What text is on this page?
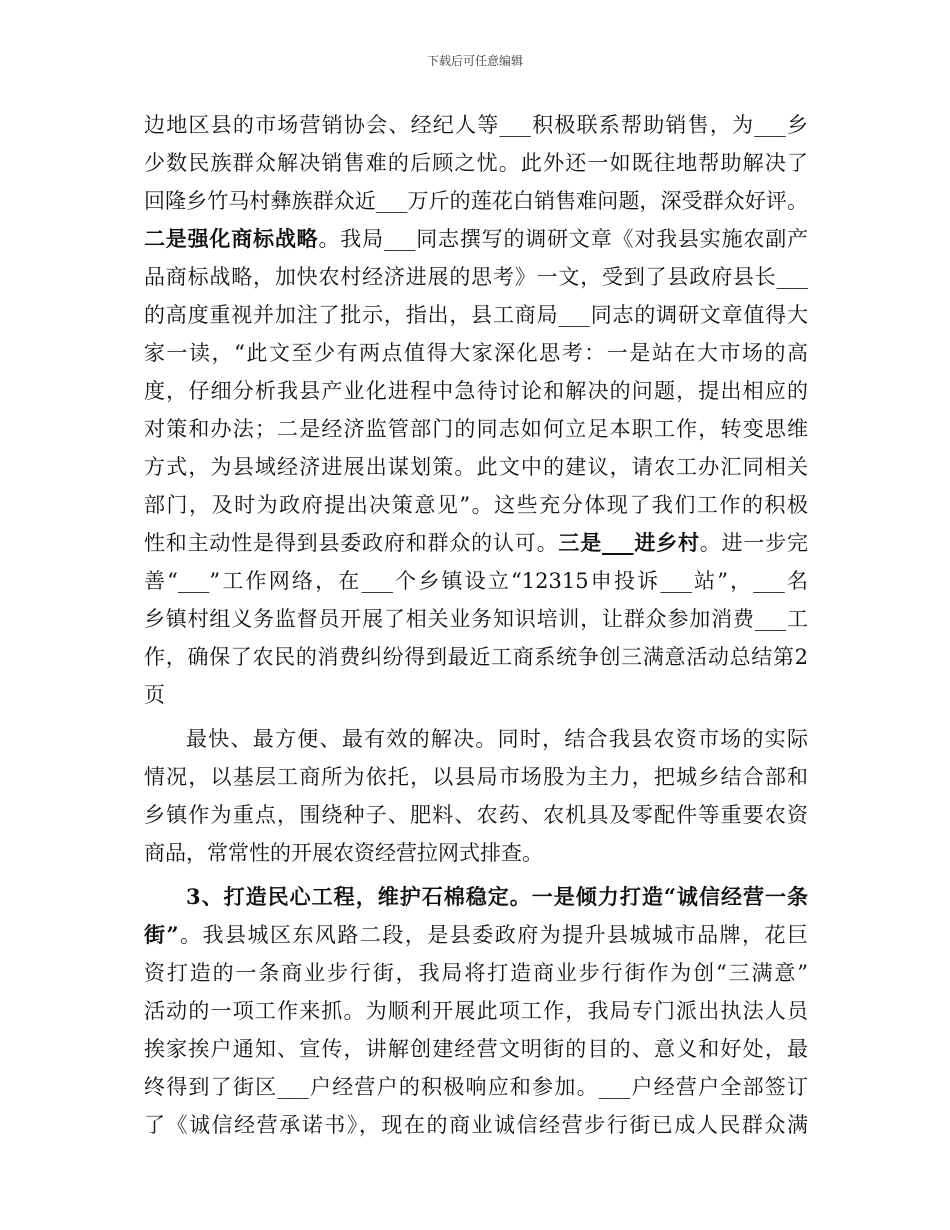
下载后可任意编辑
边地区县的市场营销协会、经纪人等___积极联系帮助销售，为___乡
少数民族群众解决销售难的后顾之忧。此外还一如既往地帮助解决了
回隆乡竹马村彝族群众近___万斤的莲花白销售难问题，深受群众好评。
二是强化商标战略。我局___同志撰写的调研文章《对我县实施农副产
品商标战略，加快农村经济进展的思考》一文，受到了县政府县长___
的高度重视并加注了批示，指出，县工商局___同志的调研文章值得大
家一读，“此文至少有两点值得大家深化思考：一是站在大市场的高
度，仔细分析我县产业化进程中急待讨论和解决的问题，提出相应的
对策和办法；二是经济监管部门的同志如何立足本职工作，转变思维
方式，为县域经济进展出谋划策。此文中的建议，请农工办汇同相关
部门，及时为政府提出决策意见”。这些充分体现了我们工作的积极
性和主动性是得到县委政府和群众的认可。三是___进乡村。进一步完
善“___”工作网络，在___个乡镇设立“12315申投诉___站”，___名
乡镇村组义务监督员开展了相关业务知识培训，让群众参加消费___工
作，确保了农民的消费纠纷得到最近工商系统争创三满意活动总结第2
页
最快、最方便、最有效的解决。同时，结合我县农资市场的实际
情况，以基层工商所为依托，以县局市场股为主力，把城乡结合部和
乡镇作为重点，围绕种子、肥料、农药、农机具及零配件等重要农资
商品，常常性的开展农资经营拉网式排查。
3、打造民心工程，维护石棉稳定。一是倾力打造“诚信经营一条
街”。我县城区东风路二段，是县委政府为提升县城城市品牌，花巨
资打造的一条商业步行街，我局将打造商业步行街作为创“三满意”
活动的一项工作来抓。为顺利开展此项工作，我局专门派出执法人员
挨家挨户通知、宣传，讲解创建经营文明街的目的、意义和好处，最
终得到了街区___户经营户的积极响应和参加。___户经营户全部签订
了《诚信经营承诺书》，现在的商业诚信经营步行街已成人民群众满
